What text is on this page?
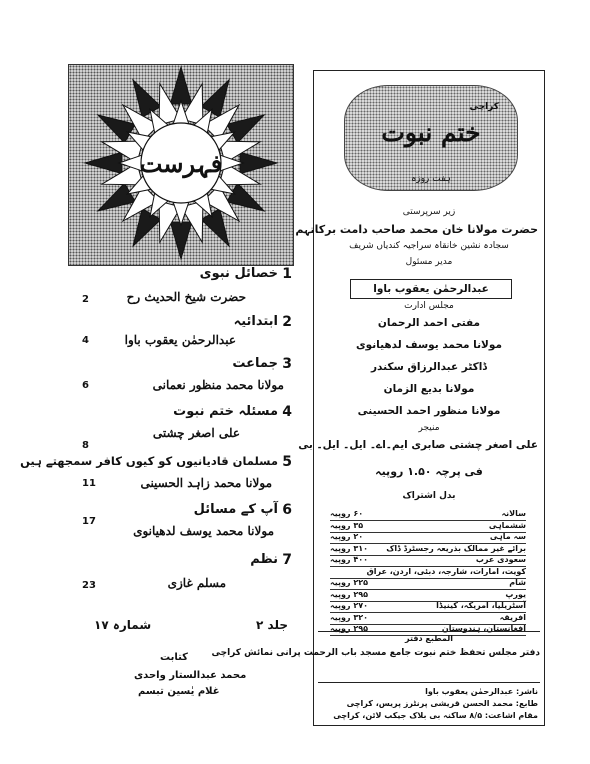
فہرست
1
خصائل نبوی
حضرت شیخ الحدیث رح
2
2
ابتدائیہ
عبدالرحمٰن یعقوب باوا
4
3
جماعت
مولانا محمد منظور نعمانی
6
4
مسئلہ ختم نبوت
علی اصغر چشتی
8
5
مسلمان قادیانیوں کو کیوں کافر سمجھتے ہیں
مولانا محمد زاہد الحسینی
11
6
آپ کے مسائل
مولانا محمد یوسف لدھیانوی
17
7
نظم
مسلم غازی
23
جلد ۲
شمارہ ۱۷
کتابت
محمد عبدالستار واحدی
غلام یٰسین تبسم
کراچی
ختم نبوت
ہفت روزہ
زیر سرپرستی
حضرت مولانا خان محمد صاحب دامت برکاتہم
سجادہ نشین خانقاہ سراجیہ کندیاں شریف
مدیر مسئول
عبدالرحمٰن یعقوب باوا
مجلس ادارت
مفتی احمد الرحمان
مولانا محمد یوسف لدھیانوی
ڈاکٹر عبدالرزاق سکندر
مولانا بدیع الزمان
مولانا منظور احمد الحسینی
منیجر
علی اصغر چشتی صابری ایم۔اے۔ ایل۔ ایل۔ بی
فی پرچہ ۱.۵۰ روپیہ
بدل اشتراک
سالانہ
۶۰ روپیہ
ششماہی
۳۵ روپیہ
سہ ماہی
۲۰ روپیہ
برائے غیر ممالک بذریعہ رجسٹرڈ ڈاک
۳۱۰ روپیہ
سعودی عرب
۴۰۰ روپیہ
کویت، امارات، شارجہ، دبئی، اردن، عراق
شام
۲۲۵ روپیہ
یورپ
۲۹۵ روپیہ
آسٹریلیا، امریکہ، کینیڈا
۲۷۰ روپیہ
افریقہ
۳۲۰ روپیہ
افغانستان، ہندوستان
۲۹۵ روپیہ
المطبع دفتر
دفتر مجلس تحفظ ختم نبوت جامع مسجد باب الرحمت پرانی نمائش کراچی
ناشر: عبدالرحمٰن یعقوب باوا
طابع: محمد الحسن قریشی پرنٹرز پریس، کراچی
مقام اشاعت: ۸/۵ ساکنہ بی بلاک جیکب لائن، کراچی
